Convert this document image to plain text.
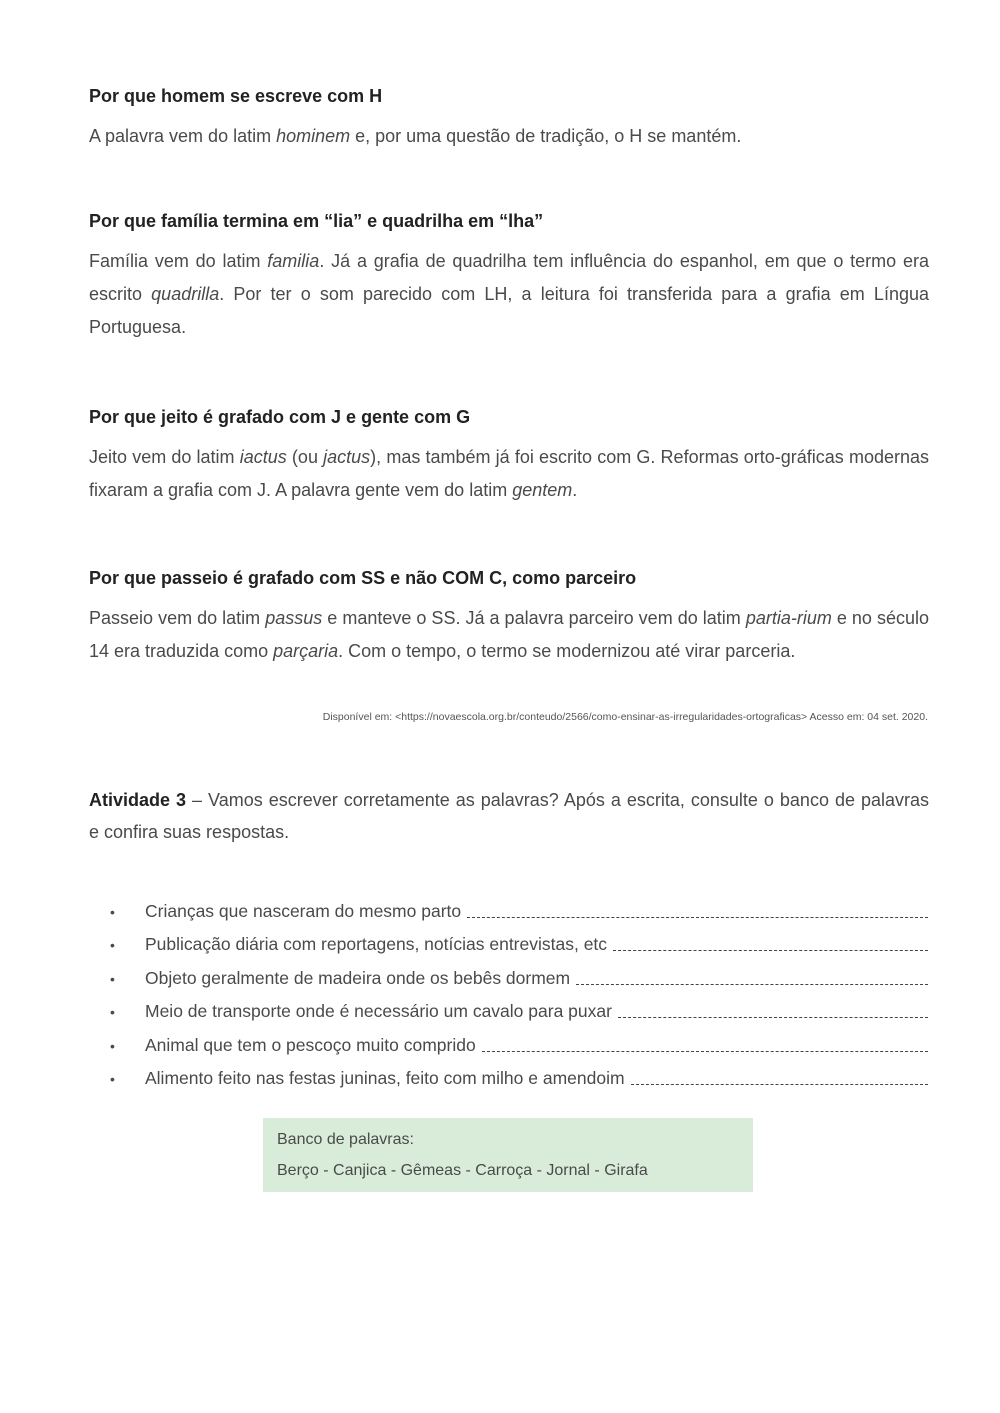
Por que homem se escreve com H

A palavra vem do latim hominem e, por uma questão de tradição, o H se mantém.

Por que família termina em “lia” e quadrilha em “lha”

Família vem do latim familia. Já a grafia de quadrilha tem influência do espanhol, em que o termo era escrito quadrilla. Por ter o som parecido com LH, a leitura foi transferida para a grafia em Língua Portuguesa.

Por que jeito é grafado com J e gente com G

Jeito vem do latim iactus (ou jactus), mas também já foi escrito com G. Reformas orto-gráficas modernas fixaram a grafia com J. A palavra gente vem do latim gentem.

Por que passeio é grafado com SS e não COM C, como parceiro

Passeio vem do latim passus e manteve o SS. Já a palavra parceiro vem do latim partia-rium e no século 14 era traduzida como parçaria. Com o tempo, o termo se modernizou até virar parceria.

Disponível em: <https://novaescola.org.br/conteudo/2566/como-ensinar-as-irregularidades-ortograficas> Acesso em: 04 set. 2020.
Atividade 3 – Vamos escrever corretamente as palavras? Após a escrita, consulte o banco de palavras e confira suas respostas.
•	Crianças que nasceram do mesmo parto
•	Publicação diária com reportagens, notícias entrevistas, etc
•	Objeto geralmente de madeira onde os bebês dormem
•	Meio de transporte onde é necessário um cavalo para puxar
•	Animal que tem o pescoço muito comprido
•	Alimento feito nas festas juninas, feito com milho e amendoim
Banco de palavras:
Berço - Canjica - Gêmeas - Carroça - Jornal - Girafa
